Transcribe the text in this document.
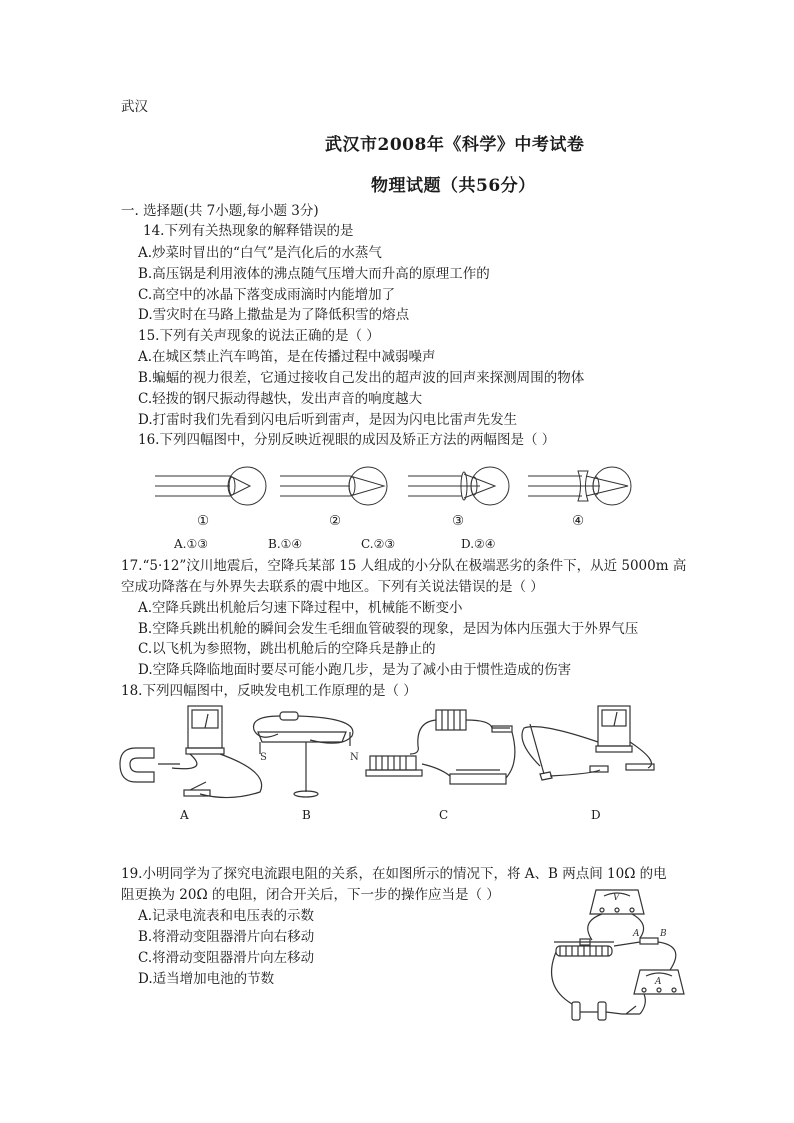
武汉
武汉市2008年《科学》中考试卷
物理试题（共56分）
一. 选择题(共 7小题,每小题 3分)
14.下列有关热现象的解释错误的是
A.炒菜时冒出的“白气”是汽化后的水蒸气
B.高压锅是利用液体的沸点随气压增大而升高的原理工作的
C.高空中的冰晶下落变成雨滴时内能增加了
D.雪灾时在马路上撒盐是为了降低积雪的熔点
15.下列有关声现象的说法正确的是（ ）
A.在城区禁止汽车鸣笛，是在传播过程中减弱噪声
B.蝙蝠的视力很差，它通过接收自己发出的超声波的回声来探测周围的物体
C.轻拨的钢尺振动得越快，发出声音的响度越大
D.打雷时我们先看到闪电后听到雷声，是因为闪电比雷声先发生
16.下列四幅图中，分别反映近视眼的成因及矫正方法的两幅图是（ ）
①	②	③	④
A.①③	B.①④	C.②③	D.②④
17.“5·12”汶川地震后，空降兵某部 15 人组成的小分队在极端恶劣的条件下，从近 5000m 高
空成功降落在与外界失去联系的震中地区。下列有关说法错误的是（ ）
A.空降兵跳出机舱后匀速下降过程中，机械能不断变小
B.空降兵跳出机舱的瞬间会发生毛细血管破裂的现象，是因为体内压强大于外界气压
C.以飞机为参照物，跳出机舱后的空降兵是静止的
D.空降兵降临地面时要尽可能小跑几步，是为了减小由于惯性造成的伤害
18.下列四幅图中，反映发电机工作原理的是（ ）
S	N
A	B	C	D
19.小明同学为了探究电流跟电阻的关系，在如图所示的情况下，将 A、B 两点间 10Ω 的电
阻更换为 20Ω 的电阻，闭合开关后，下一步的操作应当是（ ）
A.记录电流表和电压表的示数
B.将滑动变阻器滑片向右移动
C.将滑动变阻器滑片向左移动
D.适当增加电池的节数
V
A B
A
